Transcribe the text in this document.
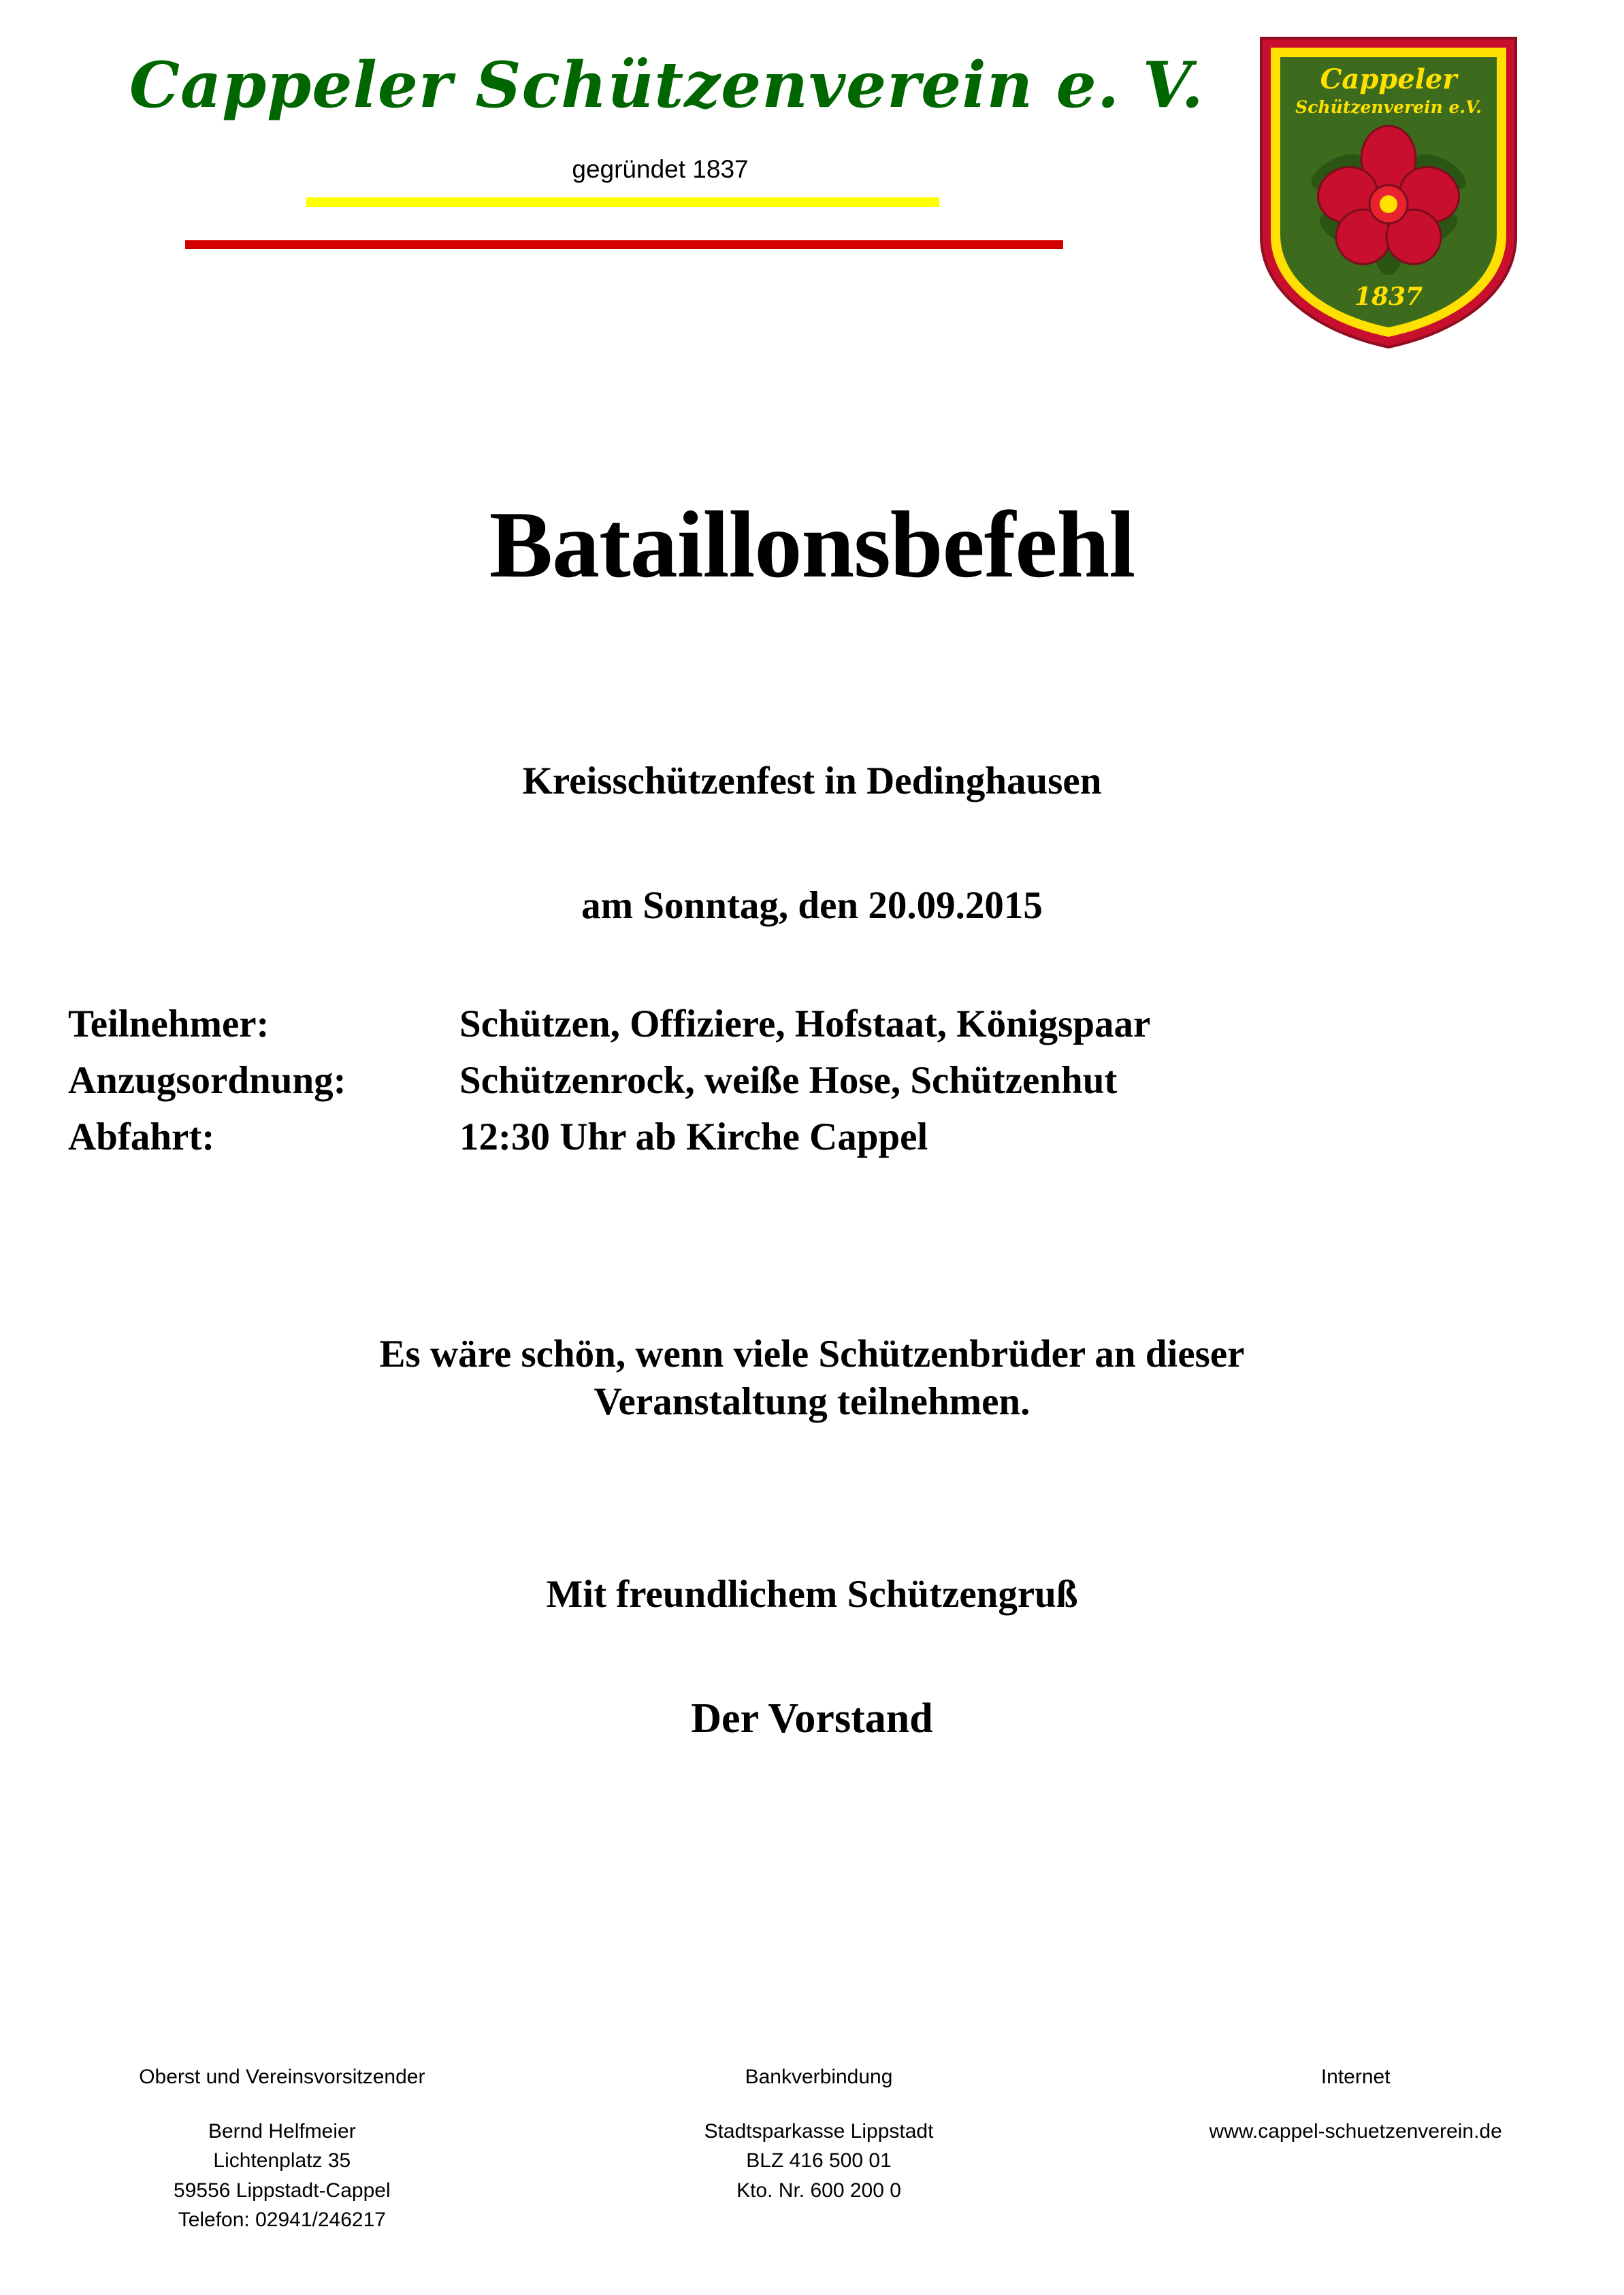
Cappeler Schützenverein e. V.
gegründet 1837
Cappeler
Schützenverein e.V.
1837
Bataillonsbefehl
Kreisschützenfest in Dedinghausen
am Sonntag, den 20.09.2015
Teilnehmer:	Schützen, Offiziere, Hofstaat, Königspaar
Anzugsordnung:	Schützenrock, weiße Hose, Schützenhut
Abfahrt:	12:30 Uhr ab Kirche Cappel
Es wäre schön, wenn viele Schützenbrüder an dieser
Veranstaltung teilnehmen.
Mit freundlichem Schützengruß
Der Vorstand
Oberst und Vereinsvorsitzender
Bernd Helfmeier
Lichtenplatz 35
59556 Lippstadt-Cappel
Telefon: 02941/246217
Bankverbindung
Stadtsparkasse Lippstadt
BLZ 416 500 01
Kto. Nr. 600 200 0
Internet
www.cappel-schuetzenverein.de
